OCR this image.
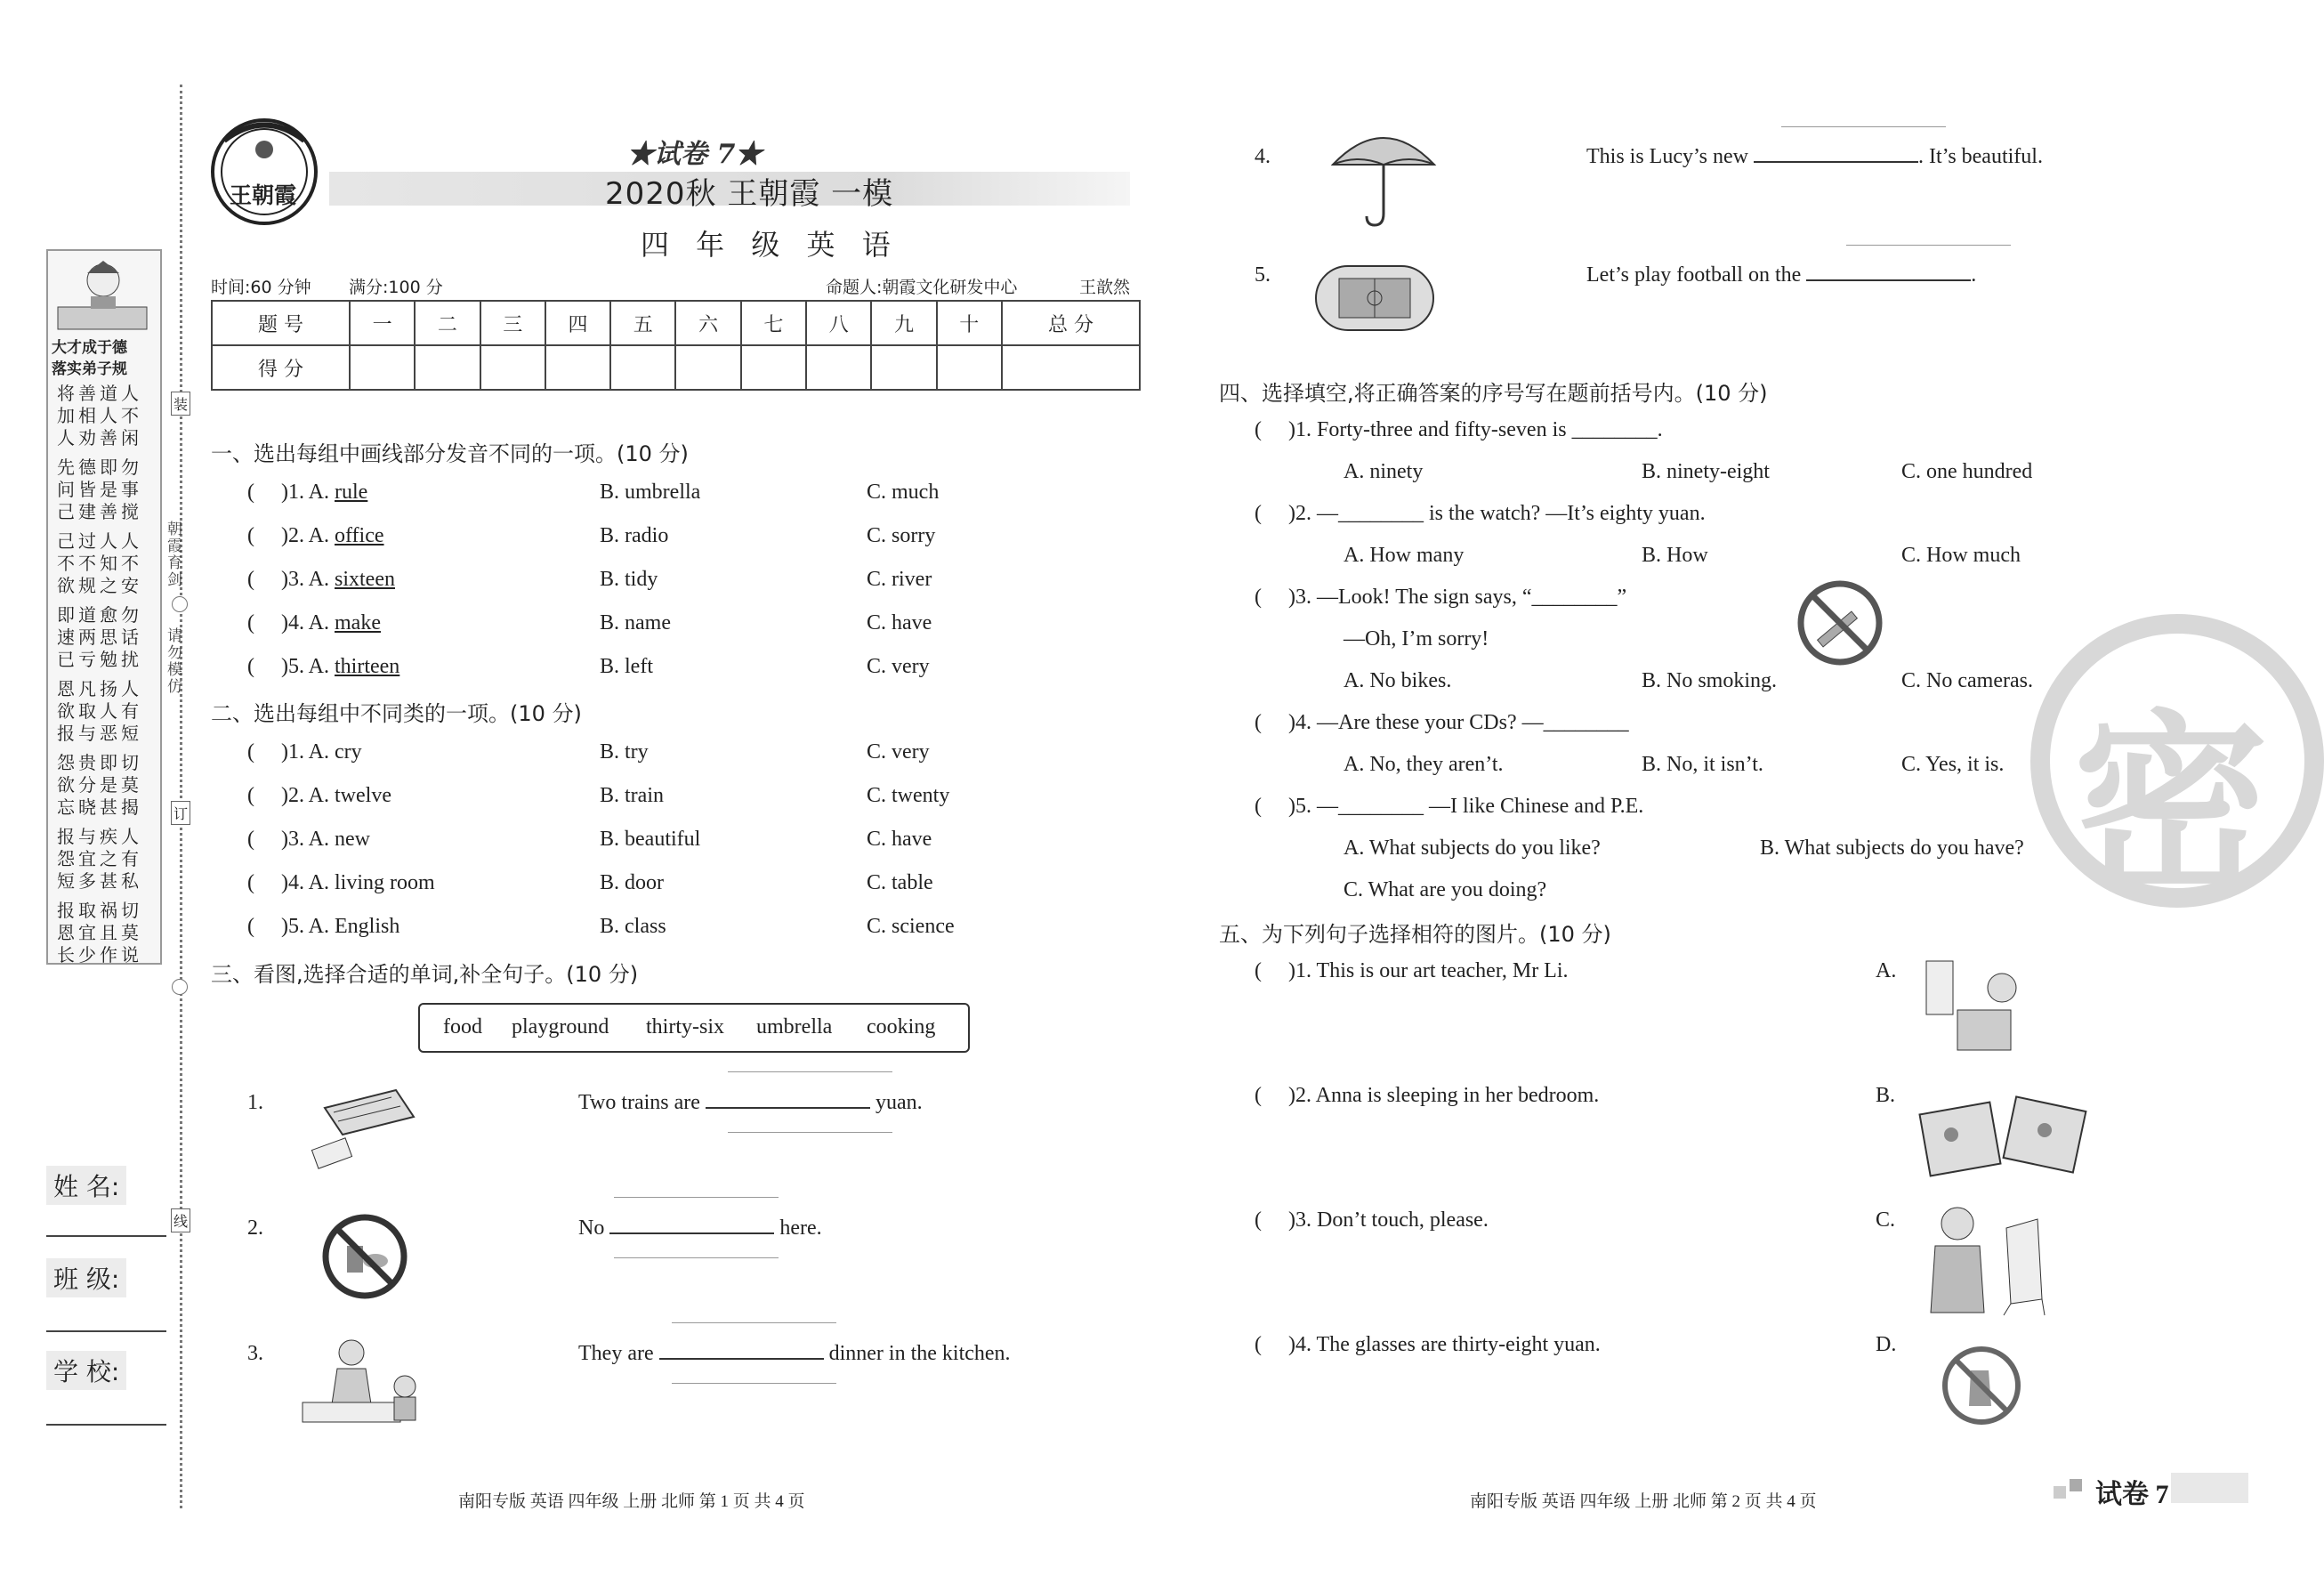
大才成于德
落实弟子规
将善道人
加相人不
人劝善闲
先德即勿
问皆是事
己建善搅
己过人人
不不知不
欲规之安
即道愈勿
速两思话
已亏勉扰
恩凡扬人
欲取人有
报与恶短
怨贵即切
欲分是莫
忘晓甚揭
报与疾人
怨宜之有
短多甚私
报取祸切
恩宜且莫
长少作说
朝霞育剑
请勿模仿
装
订
线
姓 名:
班 级:
学 校:
王朝霞
★试卷 7★
2020秋 王朝霞 一模
四 年 级 英 语
时间:60 分钟 满分:100 分	命题人:朝霞文化研发中心	王歆然
题 号	一	二	三	四	五	六	七	八	九	十	总 分
得 分											
一、选出每组中画线部分发音不同的一项。(10 分)
( )1. A. rule	B. umbrella	C. much
( )2. A. office	B. radio	C. sorry
( )3. A. sixteen	B. tidy	C. river
( )4. A. make	B. name	C. have
( )5. A. thirteen	B. left	C. very
二、选出每组中不同类的一项。(10 分)
( )1. A. cry	B. try	C. very
( )2. A. twelve	B. train	C. twenty
( )3. A. new	B. beautiful	C. have
( )4. A. living room	B. door	C. table
( )5. A. English	B. class	C. science
三、看图,选择合适的单词,补全句子。(10 分)
food playground thirty-six umbrella cooking
1.	Two trains are	yuan.
2.	No	here.
3.	They are	dinner in the kitchen.
4.	This is Lucy’s new	. It’s beautiful.
5.	Let’s play football on the	.
四、选择填空,将正确答案的序号写在题前括号内。(10 分)
( )1. Forty-three and fifty-seven is ________.
A. ninety	B. ninety-eight	C. one hundred
( )2. —________ is the watch? —It’s eighty yuan.
A. How many	B. How	C. How much
( )3. —Look! The sign says, “________”
—Oh, I’m sorry!
A. No bikes.	B. No smoking.	C. No cameras.
( )4. —Are these your CDs? —________
A. No, they aren’t.	B. No, it isn’t.	C. Yes, it is.
( )5. —________ —I like Chinese and P.E.
A. What subjects do you like?	B. What subjects do you have?
C. What are you doing?	密
五、为下列句子选择相符的图片。(10 分)
( )1. This is our art teacher, Mr Li.	A.
( )2. Anna is sleeping in her bedroom.	B.
( )3. Don’t touch, please.	C.
( )4. The glasses are thirty-eight yuan.	D.
南阳专版 英语 四年级 上册 北师 第 1 页 共 4 页	南阳专版 英语 四年级 上册 北师 第 2 页 共 4 页	试卷 7
